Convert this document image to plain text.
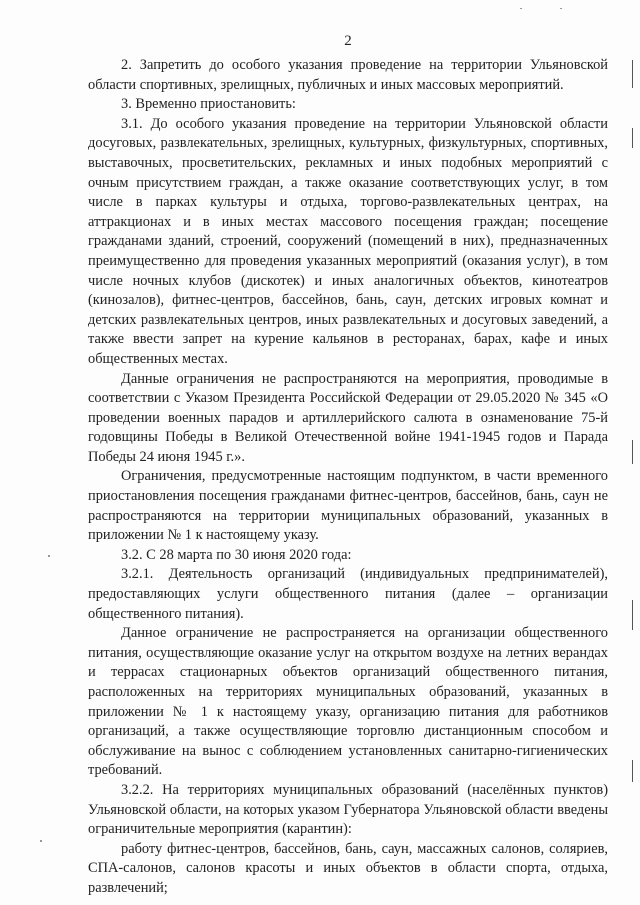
2

2. Запретить до особого указания проведение на территории Ульяновской области спортивных, зрелищных, публичных и иных массовых мероприятий.

3. Временно приостановить:

3.1. До особого указания проведение на территории Ульяновской области досуговых, развлекательных, зрелищных, культурных, физкультурных, спортивных, выставочных, просветительских, рекламных и иных подобных мероприятий с очным присутствием граждан, а также оказание соответствующих услуг, в том числе в парках культуры и отдыха, торгово-развлекательных центрах, на аттракционах и в иных местах массового посещения граждан; посещение гражданами зданий, строений, сооружений (помещений в них), предназначенных преимущественно для проведения указанных мероприятий (оказания услуг), в том числе ночных клубов (дискотек) и иных аналогичных объектов, кинотеатров (кинозалов), фитнес-центров, бассейнов, бань, саун, детских игровых комнат и детских развлекательных центров, иных развлекательных и досуговых заведений, а также ввести запрет на курение кальянов в ресторанах, барах, кафе и иных общественных местах.

Данные ограничения не распространяются на мероприятия, проводимые в соответствии с Указом Президента Российской Федерации от 29.05.2020 № 345 «О проведении военных парадов и артиллерийского салюта в ознаменование 75-й годовщины Победы в Великой Отечественной войне 1941-1945 годов и Парада Победы 24 июня 1945 г.».

Ограничения, предусмотренные настоящим подпунктом, в части временного приостановления посещения гражданами фитнес-центров, бассейнов, бань, саун не распространяются на территории муниципальных образований, указанных в приложении № 1 к настоящему указу.

3.2. С 28 марта по 30 июня 2020 года:

3.2.1. Деятельность организаций (индивидуальных предпринимателей), предоставляющих услуги общественного питания (далее – организации общественного питания).

Данное ограничение не распространяется на организации общественного питания, осуществляющие оказание услуг на открытом воздухе на летних верандах и террасах стационарных объектов организаций общественного питания, расположенных на территориях муниципальных образований, указанных в приложении № 1 к настоящему указу, организацию питания для работников организаций, а также осуществляющие торговлю дистанционным способом и обслуживание на вынос с соблюдением установленных санитарно-гигиенических требований.

3.2.2. На территориях муниципальных образований (населённых пунктов) Ульяновской области, на которых указом Губернатора Ульяновской области введены ограничительные мероприятия (карантин):

работу фитнес-центров, бассейнов, бань, саун, массажных салонов, соляриев, СПА-салонов, салонов красоты и иных объектов в области спорта, отдыха, развлечений;
